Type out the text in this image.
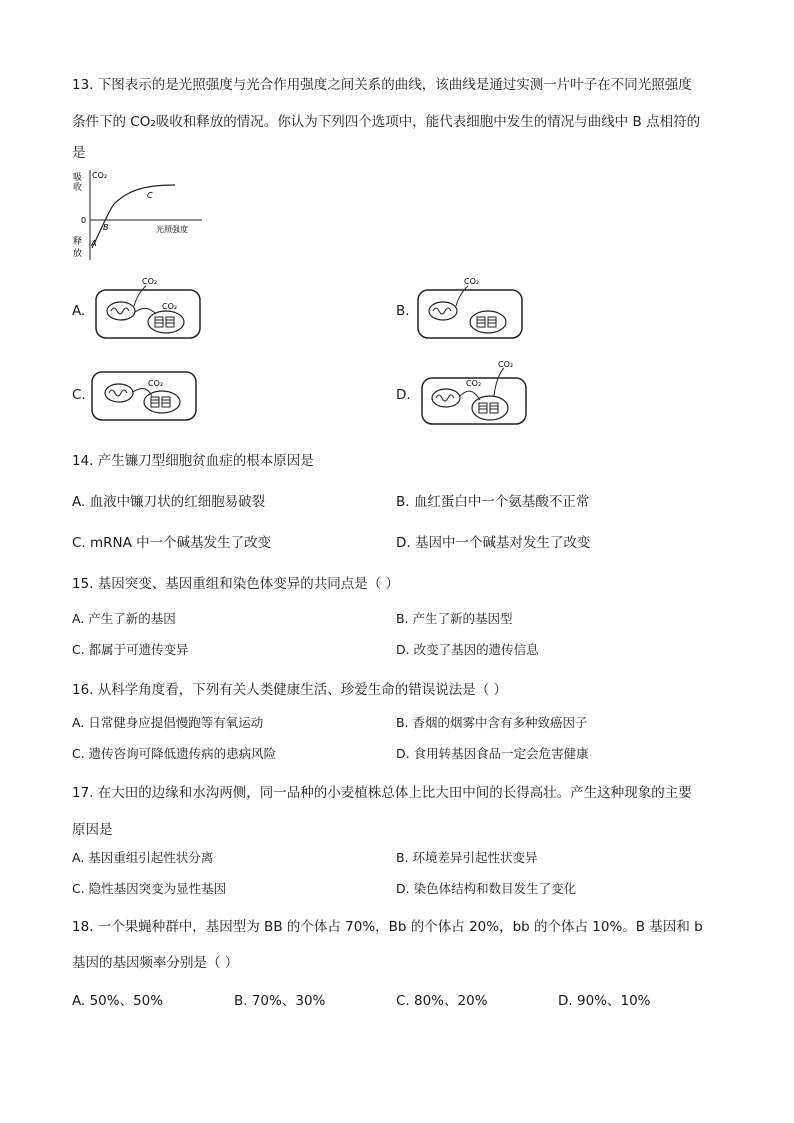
13. 下图表示的是光照强度与光合作用强度之间关系的曲线，该曲线是通过实测一片叶子在不同光照强度
条件下的 CO₂吸收和释放的情况。你认为下列四个选项中，能代表细胞中发生的情况与曲线中 B 点相符的
是
吸
收
CO₂
0
释
放
A
B
C
光照强度
A.
CO₂
CO₂	B.
CO₂
C.
CO₂
D.
CO₂
CO₂
14. 产生镰刀型细胞贫血症的根本原因是
A. 血液中镰刀状的红细胞易破裂	B. 血红蛋白中一个氨基酸不正常
C. mRNA 中一个碱基发生了改变	D. 基因中一个碱基对发生了改变
15. 基因突变、基因重组和染色体变异的共同点是（ ）
A. 产生了新的基因	B. 产生了新的基因型
C. 都属于可遗传变异	D. 改变了基因的遗传信息
16. 从科学角度看，下列有关人类健康生活、珍爱生命的错误说法是（ ）
A. 日常健身应提倡慢跑等有氧运动	B. 香烟的烟雾中含有多种致癌因子
C. 遗传咨询可降低遗传病的患病风险	D. 食用转基因食品一定会危害健康
17. 在大田的边缘和水沟两侧，同一品种的小麦植株总体上比大田中间的长得高壮。产生这种现象的主要
原因是
A. 基因重组引起性状分离	B. 环境差异引起性状变异
C. 隐性基因突变为显性基因	D. 染色体结构和数目发生了变化
18. 一个果蝇种群中，基因型为 BB 的个体占 70%，Bb 的个体占 20%，bb 的个体占 10%。B 基因和 b
基因的基因频率分别是（ ）
A. 50%、50%	B. 70%、30%	C. 80%、20%	D. 90%、10%
